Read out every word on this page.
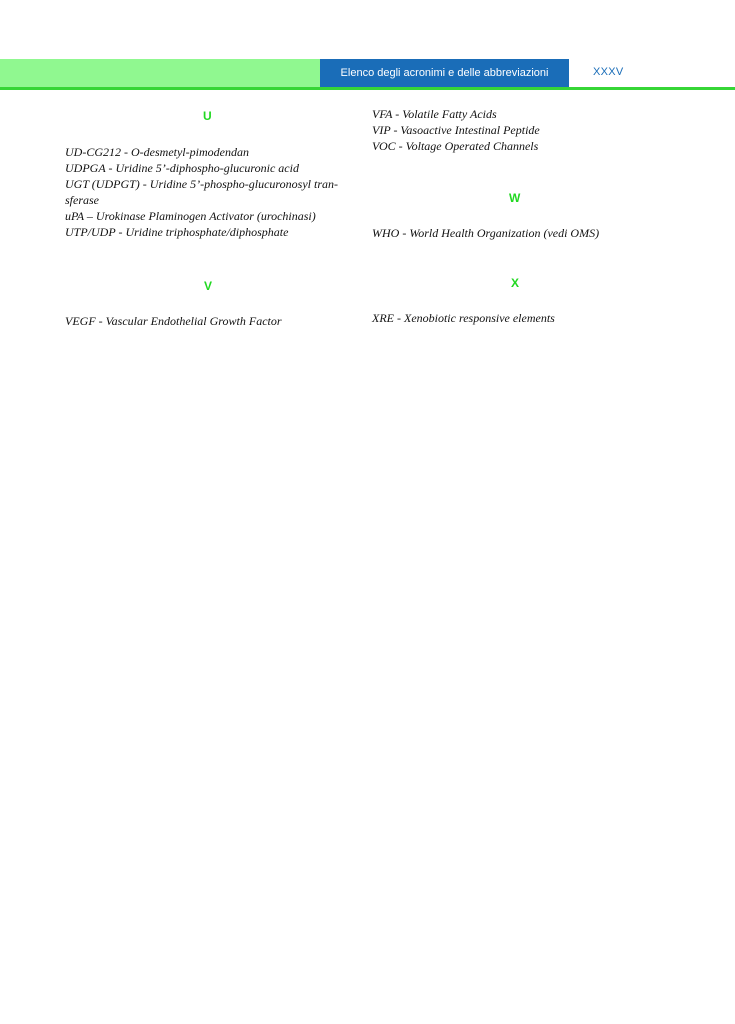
Elenco degli acronimi e delle abbreviazioni	XXXV
U
UD-CG212 - O-desmetyl-pimodendan
UDPGA - Uridine 5’-diphospho-glucuronic acid
UGT (UDPGT) - Uridine 5’-phospho-glucuronosyl tran-
sferase
uPA – Urokinase Plaminogen Activator (urochinasi)
UTP/UDP - Uridine triphosphate/diphosphate
V
VEGF - Vascular Endothelial Growth Factor
VFA - Volatile Fatty Acids
VIP - Vasoactive Intestinal Peptide
VOC - Voltage Operated Channels
W
WHO - World Health Organization (vedi OMS)
X
XRE - Xenobiotic responsive elements
